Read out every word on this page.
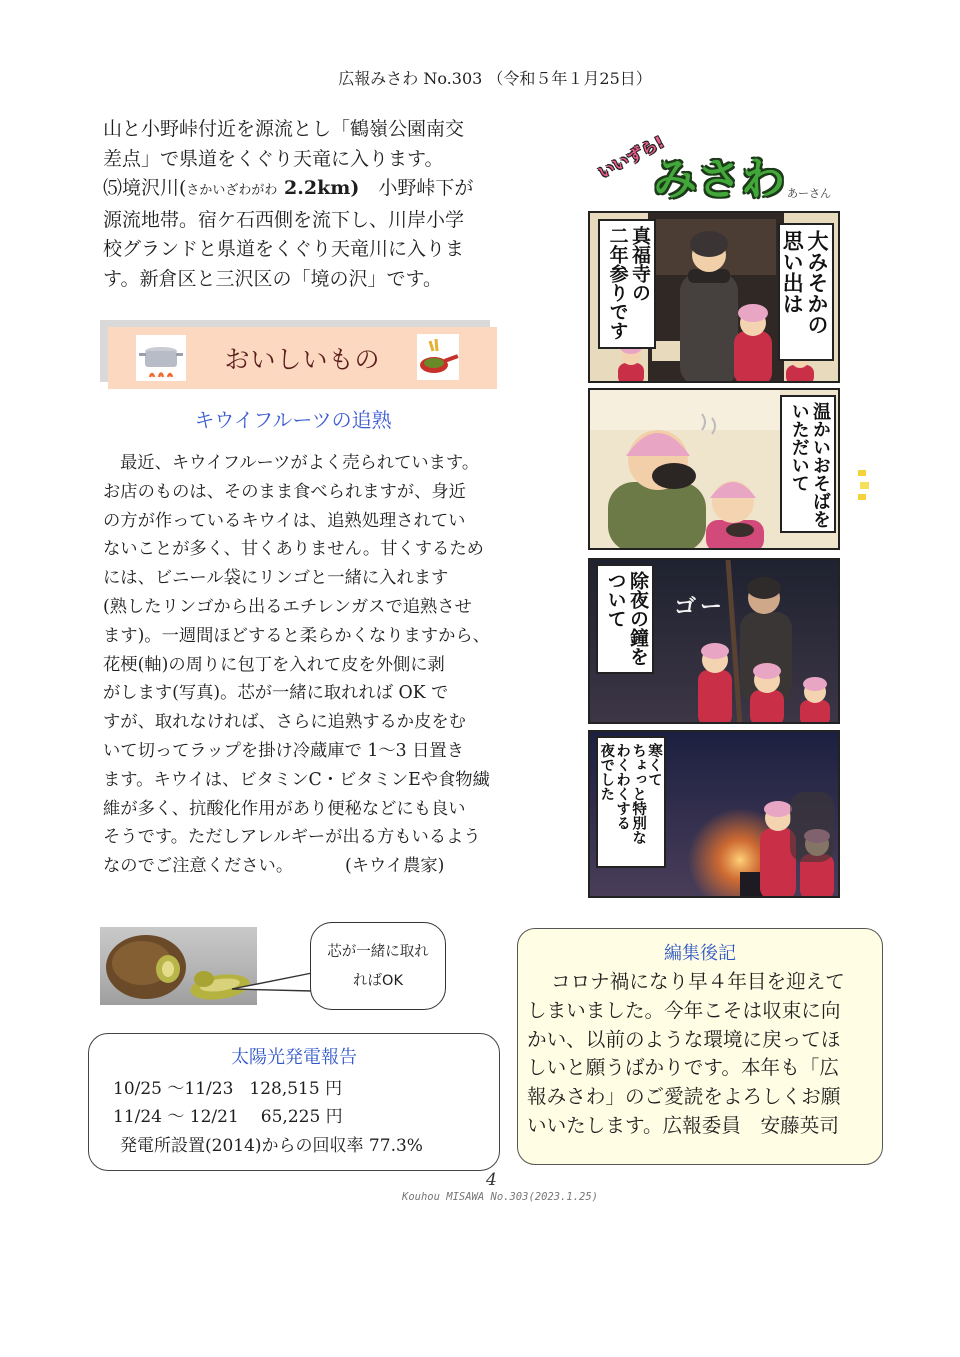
広報みさわ No.303 （令和５年１月25日）
山と小野峠付近を源流とし「鶴嶺公園南交
差点」で県道をくぐり天竜に入ります。
⑸境沢川(さかいざわがわ 2.2km)　小野峠下が
源流地帯。宿ケ石西側を流下し、川岸小学
校グランドと県道をくぐり天竜川に入りま
す。新倉区と三沢区の「境の沢」です。
おいしいもの
キウイフルーツの追熟
最近、キウイフルーツがよく売られています。
お店のものは、そのまま食べられますが、身近
の方が作っているキウイは、追熟処理されてい
ないことが多く、甘くありません。甘くするため
には、ビニール袋にリンゴと一緒に入れます
(熟したリンゴから出るエチレンガスで追熟させ
ます)。一週間ほどすると柔らかくなりますから、
花梗(軸)の周りに包丁を入れて皮を外側に剥
がします(写真)。芯が一緒に取れれば OK で
すが、取れなければ、さらに追熟するか皮をむ
いて切ってラップを掛け冷蔵庫で 1～3 日置き
ます。キウイは、ビタミンC・ビタミンEや食物繊
維が多く、抗酸化作用があり便秘などにも良い
そうです。ただしアレルギーが出る方もいるよう
なのでご注意ください。	(キウイ農家)
芯が一緒に取れ
ればOK
太陽光発電報告
10/25 ～11/23 128,515 円
11/24 ～ 12/21 65,225 円
発電所設置(2014)からの回収率 77.3%
編集後記
コロナ禍になり早４年目を迎えて
しまいました。今年こそは収束に向
かい、以前のような環境に戻ってほ
しいと願うばかりです。本年も「広
報みさわ」のご愛読をよろしくお願
いいたします。広報委員　安藤英司
4
Kouhou MISAWA No.303(2023.1.25)
いいずら!
みさわ あーさん
大みそかの
思い出は
真福寺の
二年参りです
温かいおそばを
いただいて
ゴー
除夜の鐘を
ついて
寒くて
ちょっと特別な
わくわくする
夜でした
